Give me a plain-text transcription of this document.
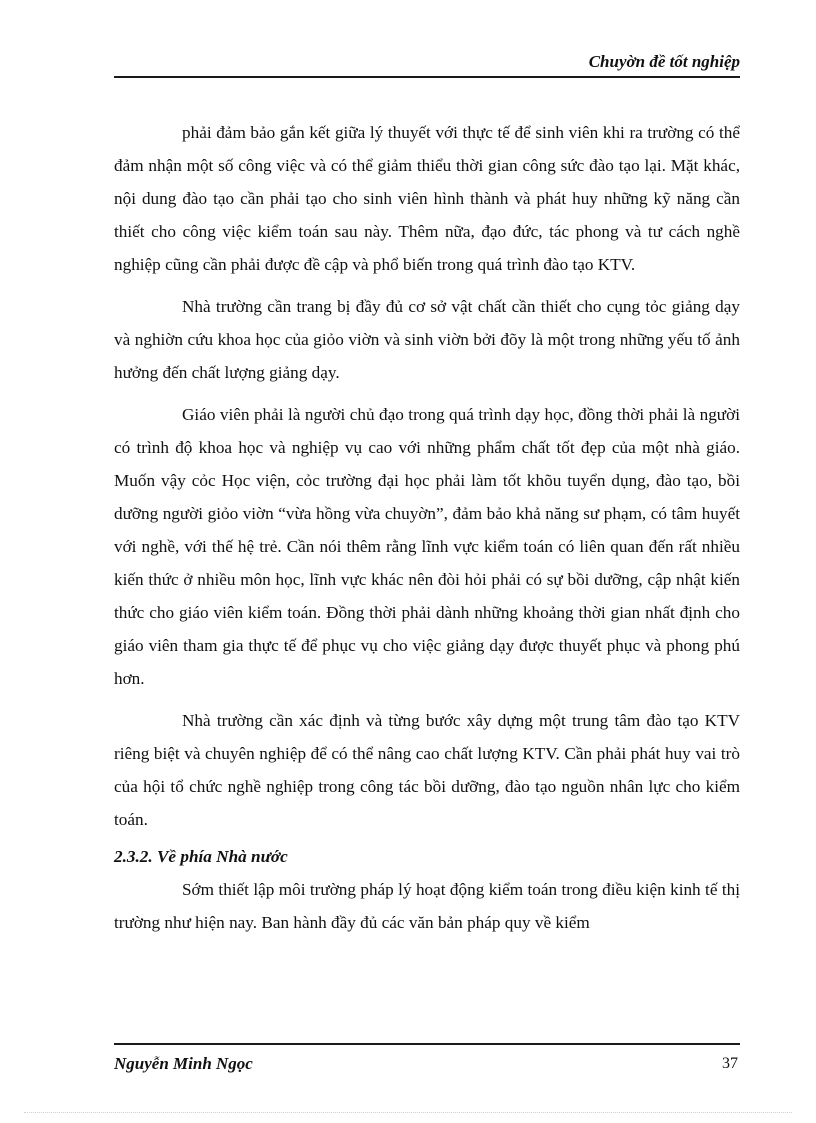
Chuyờn đề tốt nghiệp

phải đảm bảo gắn kết giữa lý thuyết với thực tế để sinh viên khi ra trường có thể đảm nhận một số công việc và có thể giảm thiểu thời gian công sức đào tạo lại. Mặt khác, nội dung đào tạo cần phải tạo cho sinh viên hình thành và phát huy những kỹ năng cần thiết cho công việc kiểm toán sau này. Thêm nữa, đạo đức, tác phong và tư cách nghề nghiệp cũng cần phải được đề cập và phổ biến trong quá trình đào tạo KTV.

Nhà trường cần trang bị đầy đủ cơ sở vật chất cần thiết cho cụng tỏc giảng dạy và nghiờn cứu khoa học của giỏo viờn và sinh viờn bởi đõy là một trong những yếu tố ảnh hưởng đến chất lượng giảng dạy.

Giáo viên phải là người chủ đạo trong quá trình dạy học, đồng thời phải là người có trình độ khoa học và nghiệp vụ cao với những phẩm chất tốt đẹp của một nhà giáo. Muốn vậy cỏc Học viện, cỏc trường đại học phải làm tốt khõu tuyển dụng, đào tạo, bồi dưỡng người giỏo viờn “vừa hồng vừa chuyờn”, đảm bảo khả năng sư phạm, có tâm huyết với nghề, với thế hệ trẻ. Cần nói thêm rằng lĩnh vực kiểm toán có liên quan đến rất nhiều kiến thức ở nhiều môn học, lĩnh vực khác nên đòi hỏi phải có sự bồi dưỡng, cập nhật kiến thức cho giáo viên kiểm toán. Đồng thời phải dành những khoảng thời gian nhất định cho giáo viên tham gia thực tế để phục vụ cho việc giảng dạy được thuyết phục và phong phú hơn.

Nhà trường cần xác định và từng bước xây dựng một trung tâm đào tạo KTV riêng biệt và chuyên nghiệp để có thể nâng cao chất lượng KTV. Cần phải phát huy vai trò của hội tổ chức nghề nghiệp trong công tác bồi dưỡng, đào tạo nguồn nhân lực cho kiểm toán.

2.3.2. Về phía Nhà nước

Sớm thiết lập môi trường pháp lý hoạt động kiểm toán trong điều kiện kinh tế thị trường như hiện nay. Ban hành đầy đủ các văn bản pháp quy về kiểm

Nguyễn Minh Ngọc	37
